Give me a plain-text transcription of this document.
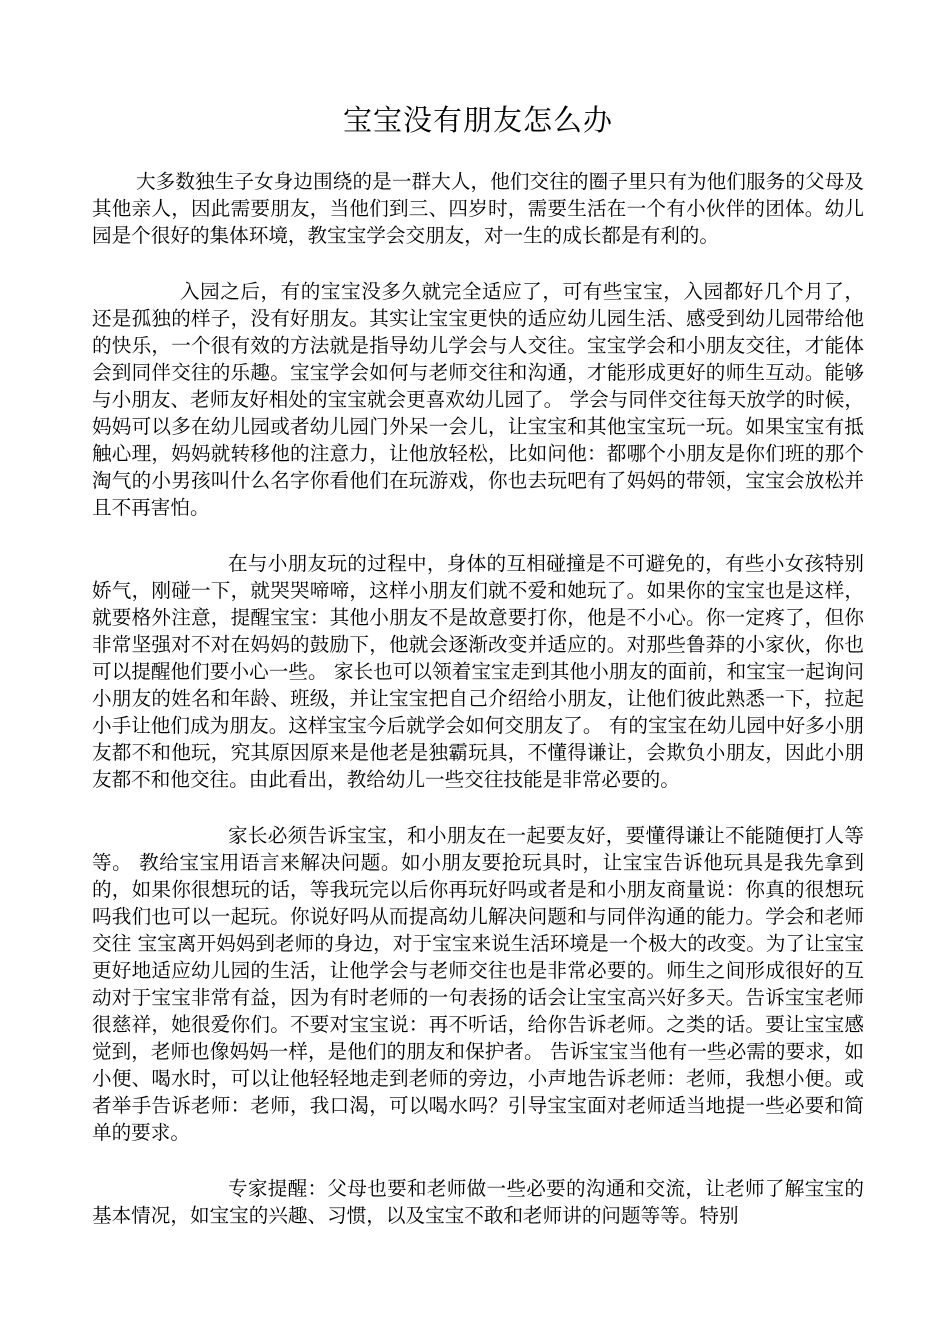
宝宝没有朋友怎么办

大多数独生子女身边围绕的是一群大人，他们交往的圈子里只有为他们服务的父母及其他亲人，因此需要朋友，当他们到三、四岁时，需要生活在一个有小伙伴的团体。幼儿园是个很好的集体环境，教宝宝学会交朋友，对一生的成长都是有利的。

入园之后，有的宝宝没多久就完全适应了，可有些宝宝，入园都好几个月了，还是孤独的样子，没有好朋友。其实让宝宝更快的适应幼儿园生活、感受到幼儿园带给他的快乐，一个很有效的方法就是指导幼儿学会与人交往。宝宝学会和小朋友交往，才能体会到同伴交往的乐趣。宝宝学会如何与老师交往和沟通，才能形成更好的师生互动。能够与小朋友、老师友好相处的宝宝就会更喜欢幼儿园了。 学会与同伴交往每天放学的时候，妈妈可以多在幼儿园或者幼儿园门外呆一会儿，让宝宝和其他宝宝玩一玩。如果宝宝有抵触心理，妈妈就转移他的注意力，让他放轻松，比如问他：都哪个小朋友是你们班的那个淘气的小男孩叫什么名字你看他们在玩游戏，你也去玩吧有了妈妈的带领，宝宝会放松并且不再害怕。

在与小朋友玩的过程中，身体的互相碰撞是不可避免的，有些小女孩特别娇气，刚碰一下，就哭哭啼啼，这样小朋友们就不爱和她玩了。如果你的宝宝也是这样，就要格外注意，提醒宝宝：其他小朋友不是故意要打你，他是不小心。你一定疼了，但你非常坚强对不对在妈妈的鼓励下，他就会逐渐改变并适应的。对那些鲁莽的小家伙，你也可以提醒他们要小心一些。 家长也可以领着宝宝走到其他小朋友的面前，和宝宝一起询问小朋友的姓名和年龄、班级，并让宝宝把自己介绍给小朋友，让他们彼此熟悉一下，拉起小手让他们成为朋友。这样宝宝今后就学会如何交朋友了。 有的宝宝在幼儿园中好多小朋友都不和他玩，究其原因原来是他老是独霸玩具，不懂得谦让，会欺负小朋友，因此小朋友都不和他交往。由此看出，教给幼儿一些交往技能是非常必要的。

家长必须告诉宝宝，和小朋友在一起要友好，要懂得谦让不能随便打人等等。 教给宝宝用语言来解决问题。如小朋友要抢玩具时，让宝宝告诉他玩具是我先拿到的，如果你很想玩的话，等我玩完以后你再玩好吗或者是和小朋友商量说：你真的很想玩吗我们也可以一起玩。你说好吗从而提高幼儿解决问题和与同伴沟通的能力。学会和老师交往 宝宝离开妈妈到老师的身边，对于宝宝来说生活环境是一个极大的改变。为了让宝宝更好地适应幼儿园的生活，让他学会与老师交往也是非常必要的。师生之间形成很好的互动对于宝宝非常有益，因为有时老师的一句表扬的话会让宝宝高兴好多天。告诉宝宝老师很慈祥，她很爱你们。不要对宝宝说：再不听话，给你告诉老师。之类的话。要让宝宝感觉到，老师也像妈妈一样，是他们的朋友和保护者。 告诉宝宝当他有一些必需的要求，如小便、喝水时，可以让他轻轻地走到老师的旁边，小声地告诉老师：老师，我想小便。或者举手告诉老师：老师，我口渴，可以喝水吗？引导宝宝面对老师适当地提一些必要和简单的要求。

专家提醒：父母也要和老师做一些必要的沟通和交流，让老师了解宝宝的基本情况，如宝宝的兴趣、习惯，以及宝宝不敢和老师讲的问题等等。特别
